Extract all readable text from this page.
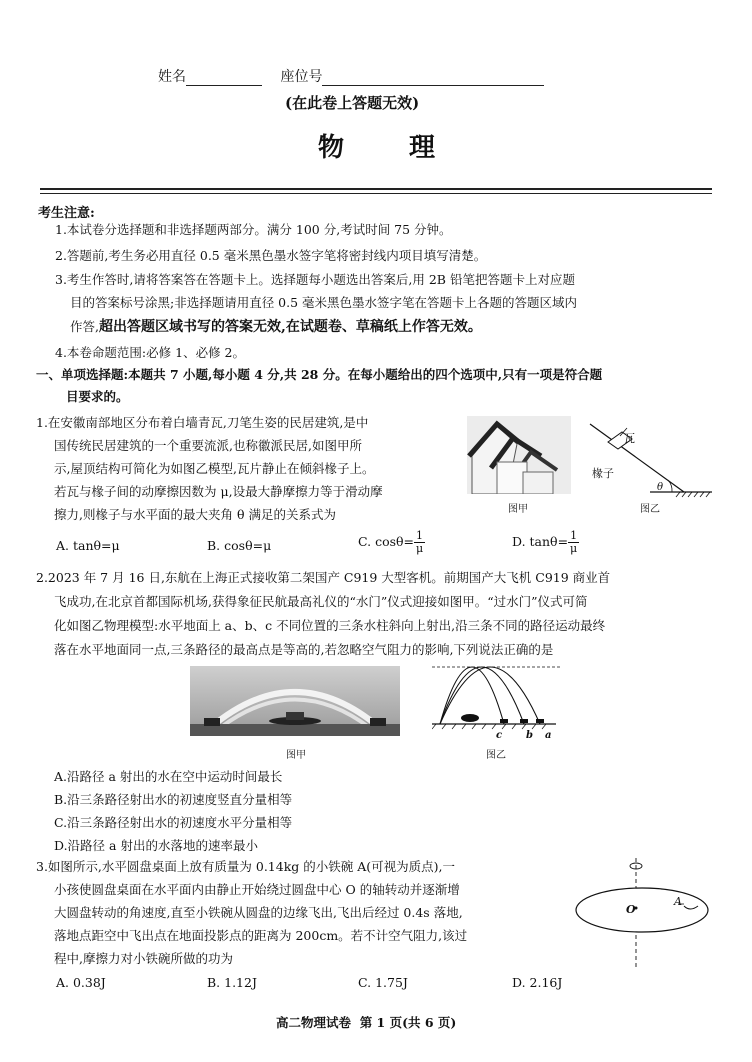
姓名	座位号
(在此卷上答题无效)
物 理
考生注意:
1.本试卷分选择题和非选择题两部分。满分 100 分,考试时间 75 分钟。
2.答题前,考生务必用直径 0.5 毫米黑色墨水签字笔将密封线内项目填写清楚。
3.考生作答时,请将答案答在答题卡上。选择题每小题选出答案后,用 2B 铅笔把答题卡上对应题
目的答案标号涂黑;非选择题请用直径 0.5 毫米黑色墨水签字笔在答题卡上各题的答题区域内
作答,超出答题区域书写的答案无效,在试题卷、草稿纸上作答无效。
4.本卷命题范围:必修 1、必修 2。
一、单项选择题:本题共 7 小题,每小题 4 分,共 28 分。在每小题给出的四个选项中,只有一项是符合题
目要求的。
1.在安徽南部地区分布着白墙青瓦,刀笔生姿的民居建筑,是中
国传统民居建筑的一个重要流派,也称徽派民居,如图甲所
示,屋顶结构可简化为如图乙模型,瓦片静止在倾斜椽子上。
若瓦与椽子间的动摩擦因数为 μ,设最大静摩擦力等于滑动摩
擦力,则椽子与水平面的最大夹角 θ 满足的关系式为	图甲
瓦
椽子
θ
图乙
A. tanθ=μ	B. cosθ=μ	C. $\cos\theta= \frac{1}{\mu}$	D. $\tan\theta= \frac{1}{\mu}$
2.2023 年 7 月 16 日,东航在上海正式接收第二架国产 C919 大型客机。前期国产大飞机 C919 商业首
飞成功,在北京首都国际机场,获得象征民航最高礼仪的“水门”仪式迎接如图甲。“过水门”仪式可简
化如图乙物理模型:水平地面上 a、b、c 不同位置的三条水柱斜向上射出,沿三条不同的路径运动最终
落在水平地面同一点,三条路径的最高点是等高的,若忽略空气阻力的影响,下列说法正确的是
图甲
c b a
图乙
A.沿路径 a 射出的水在空中运动时间最长
B.沿三条路径射出水的初速度竖直分量相等
C.沿三条路径射出水的初速度水平分量相等
D.沿路径 a 射出的水落地的速率最小
3.如图所示,水平圆盘桌面上放有质量为 0.14kg 的小铁碗 A(可视为质点),一
小孩使圆盘桌面在水平面内由静止开始绕过圆盘中心 O 的轴转动并逐渐增
大圆盘转动的角速度,直至小铁碗从圆盘的边缘飞出,飞出后经过 0.4s 落地,
落地点距空中飞出点在地面投影点的距离为 200cm。若不计空气阻力,该过
程中,摩擦力对小铁碗所做的功为
O
A
A. 0.38J	B. 1.12J	C. 1.75J	D. 2.16J
高二物理试卷  第 1 页(共 6 页)
